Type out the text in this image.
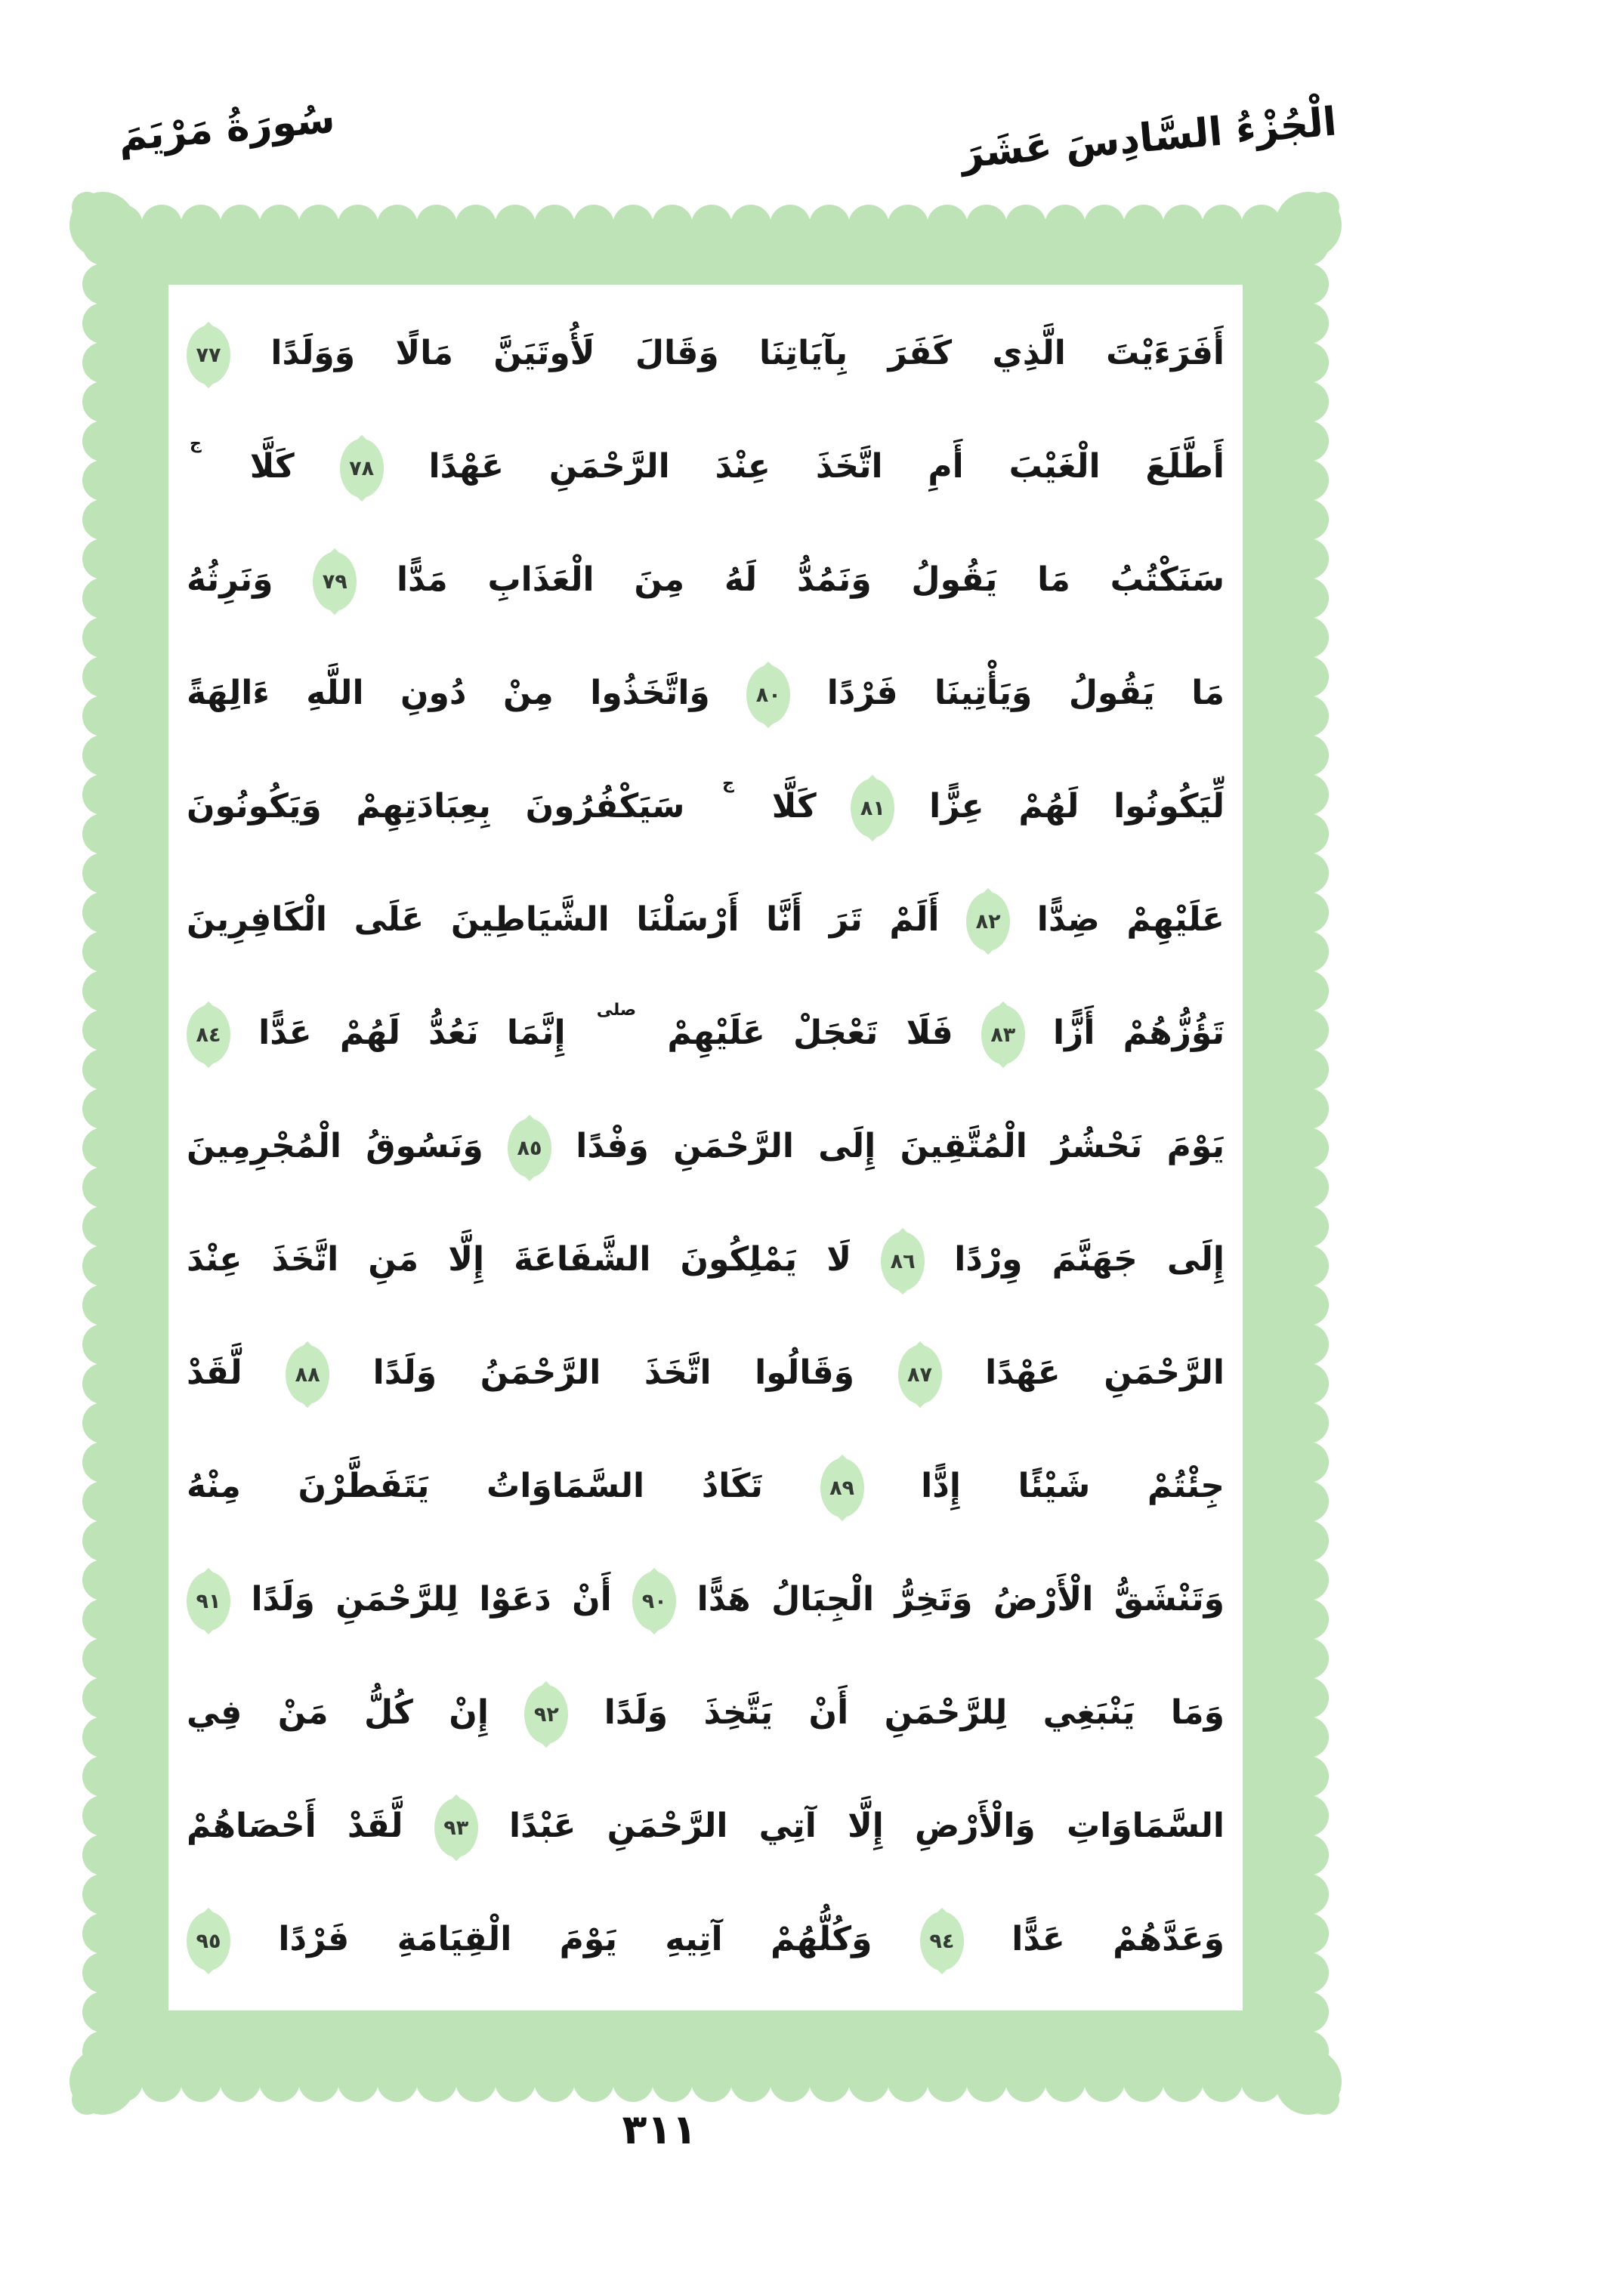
سُورَةُ مَرْيَمَ	الْجُزْءُ السَّادِسَ عَشَرَ
أَفَرَءَيْتَ الَّذِي كَفَرَ بِآيَاتِنَا وَقَالَ لَأُوتَيَنَّ مَالًا وَوَلَدًا
٧٧
أَطَّلَعَ الْغَيْبَ أَمِ اتَّخَذَ عِنْدَ الرَّحْمَنِ عَهْدًا
٧٨
كَلَّا ج
سَنَكْتُبُ مَا يَقُولُ وَنَمُدُّ لَهُ مِنَ الْعَذَابِ مَدًّا
٧٩
وَنَرِثُهُ
مَا يَقُولُ وَيَأْتِينَا فَرْدًا
٨٠
وَاتَّخَذُوا مِنْ دُونِ اللَّهِ ءَالِهَةً
لِّيَكُونُوا لَهُمْ عِزًّا
٨١
كَلَّا ج سَيَكْفُرُونَ بِعِبَادَتِهِمْ وَيَكُونُونَ
عَلَيْهِمْ ضِدًّا
٨٢
أَلَمْ تَرَ أَنَّا أَرْسَلْنَا الشَّيَاطِينَ عَلَى الْكَافِرِينَ
تَؤُزُّهُمْ أَزًّا
٨٣
فَلَا تَعْجَلْ عَلَيْهِمْ صلى إِنَّمَا نَعُدُّ لَهُمْ عَدًّا
٨٤
يَوْمَ نَحْشُرُ الْمُتَّقِينَ إِلَى الرَّحْمَنِ وَفْدًا
٨٥
وَنَسُوقُ الْمُجْرِمِينَ
إِلَى جَهَنَّمَ وِرْدًا
٨٦
لَا يَمْلِكُونَ الشَّفَاعَةَ إِلَّا مَنِ اتَّخَذَ عِنْدَ
الرَّحْمَنِ عَهْدًا
٨٧
وَقَالُوا اتَّخَذَ الرَّحْمَنُ وَلَدًا
٨٨
لَّقَدْ
جِئْتُمْ شَيْئًا إِدًّا
٨٩
تَكَادُ السَّمَاوَاتُ يَتَفَطَّرْنَ مِنْهُ
وَتَنْشَقُّ الْأَرْضُ وَتَخِرُّ الْجِبَالُ هَدًّا
٩٠
أَنْ دَعَوْا لِلرَّحْمَنِ وَلَدًا
٩١
وَمَا يَنْبَغِي لِلرَّحْمَنِ أَنْ يَتَّخِذَ وَلَدًا
٩٢
إِنْ كُلُّ مَنْ فِي
السَّمَاوَاتِ وَالْأَرْضِ إِلَّا آتِي الرَّحْمَنِ عَبْدًا
٩٣
لَّقَدْ أَحْصَاهُمْ
وَعَدَّهُمْ عَدًّا
٩٤
وَكُلُّهُمْ آتِيهِ يَوْمَ الْقِيَامَةِ فَرْدًا
٩٥
٣١١
